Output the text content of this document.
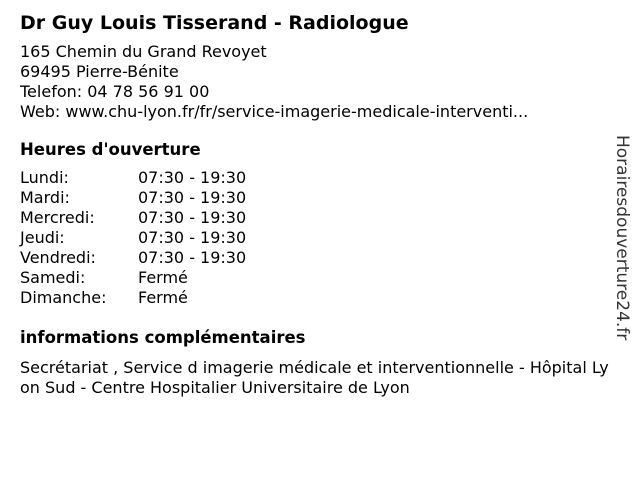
Dr Guy Louis Tisserand - Radiologue
165 Chemin du Grand Revoyet
69495 Pierre-Bénite
Telefon: 04 78 56 91 00
Web: www.chu-lyon.fr/fr/service-imagerie-medicale-interventi...
Heures d'ouverture
Lundi:	07:30 - 19:30
Mardi:	07:30 - 19:30
Mercredi:	07:30 - 19:30
Jeudi:	07:30 - 19:30
Vendredi:	07:30 - 19:30
Samedi:	Fermé
Dimanche:	Fermé
informations complémentaires
Secrétariat , Service d imagerie médicale et interventionnelle - Hôpital Lyon Sud - Centre Hospitalier Universitaire de Lyon
Horairesdouverture24.fr
